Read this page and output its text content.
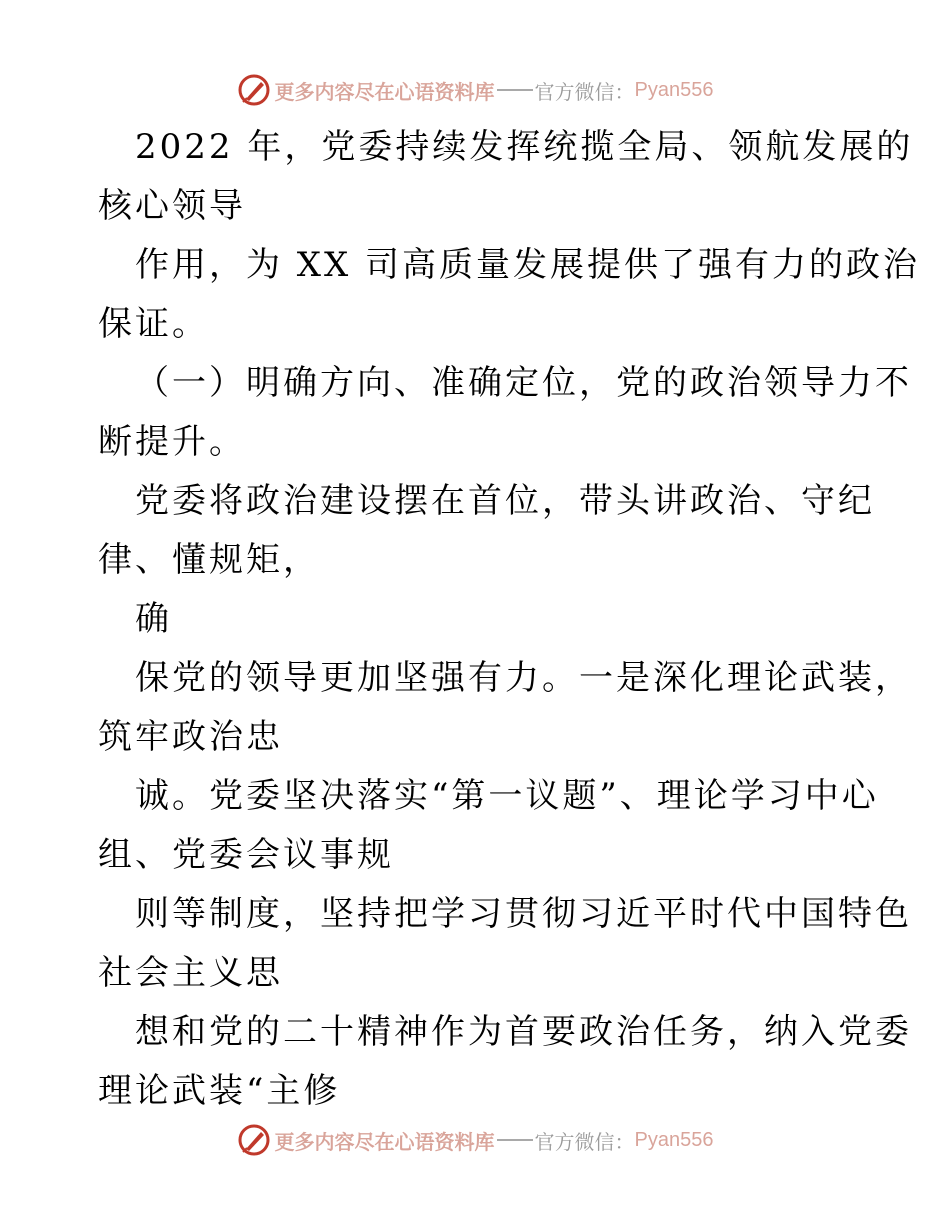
更多内容尽在心语资料库 官方微信： Pyan556
2022 年，党委持续发挥统揽全局、领航发展的
核心领导
作用，为 XX 司高质量发展提供了强有力的政治
保证。
（一）明确方向、准确定位，党的政治领导力不
断提升。
党委将政治建设摆在首位，带头讲政治、守纪
律、懂规矩，
确
保党的领导更加坚强有力。一是深化理论武装，
筑牢政治忠
诚。党委坚决落实“第一议题”、理论学习中心
组、党委会议事规
则等制度，坚持把学习贯彻习近平时代中国特色
社会主义思
想和党的二十精神作为首要政治任务，纳入党委
理论武装“主修
更多内容尽在心语资料库 官方微信： Pyan556
